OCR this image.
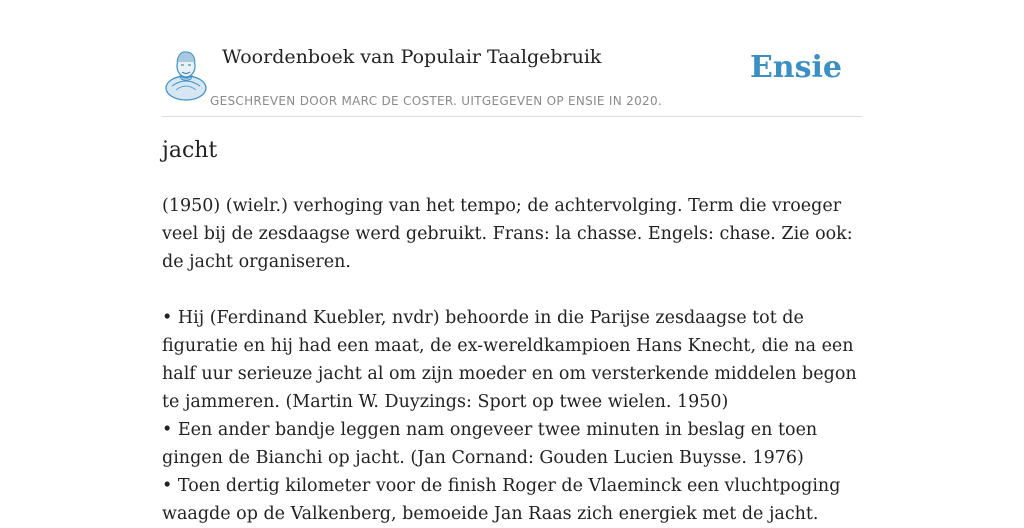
Woordenboek van Populair Taalgebruik
GESCHREVEN DOOR MARC DE COSTER. UITGEGEVEN OP ENSIE IN 2020.
Ensie
jacht

(1950) (wielr.) verhoging van het tempo; de achtervolging. Term die vroeger veel bij de zesdaagse werd gebruikt. Frans: la chasse. Engels: chase. Zie ook: de jacht organiseren.

• Hij (Ferdinand Kuebler, nvdr) behoorde in die Parijse zesdaagse tot de figuratie en hij had een maat, de ex-wereldkampioen Hans Knecht, die na een half uur serieuze jacht al om zijn moeder en om versterkende middelen begon te jammeren. (Martin W. Duyzings: Sport op twee wielen. 1950)

• Een ander bandje leggen nam ongeveer twee minuten in beslag en toen gingen de Bianchi op jacht. (Jan Cornand: Gouden Lucien Buysse. 1976)

• Toen dertig kilometer voor de finish Roger de Vlaeminck een vluchtpoging waagde op de Valkenberg, bemoeide Jan Raas zich energiek met de jacht.
